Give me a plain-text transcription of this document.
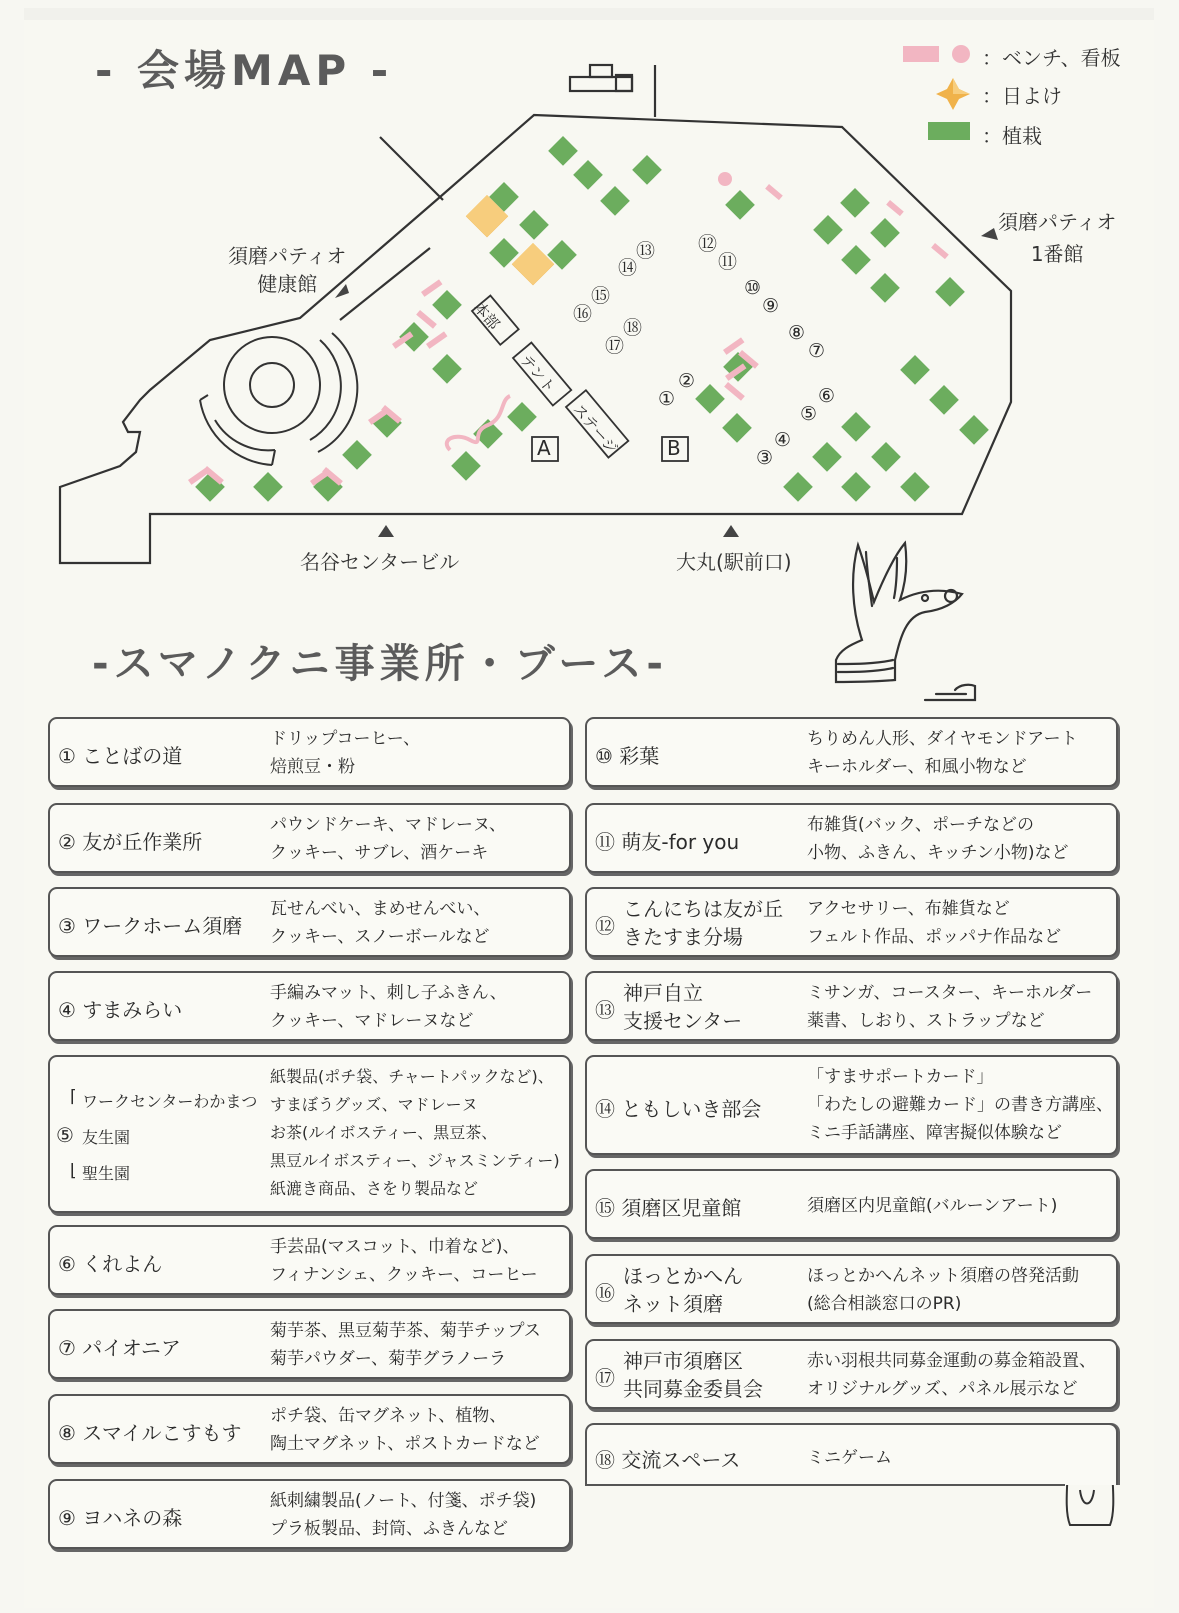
- 会場MAP -	：ベンチ、看板
：日よけ
：植栽
須磨パティオ
健康館
須磨パティオ
1番館
名谷センタービル	大丸(駅前口)
本部
テント
ステージ
A	B
①
②
③
④
⑤
⑥
⑦
⑧
⑨
⑩
⑪
⑫
⑬
⑭
⑮
⑯
⑰
⑱
-スマノクニ事業所・ブース-
① ことばの道
ドリップコーヒー、
焙煎豆・粉
② 友が丘作業所
パウンドケーキ、マドレーヌ、
クッキー、サブレ、酒ケーキ
③ ワークホーム須磨
瓦せんべい、まめせんべい、
クッキー、スノーボールなど
④ すまみらい
手編みマット、刺し子ふきん、
クッキー、マドレーヌなど
⑤
⌈
⌊
ワークセンターわかまつ
友生園
聖生園
紙製品(ポチ袋、チャートパックなど)、
すまぼうグッズ、マドレーヌ
お茶(ルイボスティー、黒豆茶、
黒豆ルイボスティー、ジャスミンティー)
紙漉き商品、さをり製品など
⑥ くれよん
手芸品(マスコット、巾着など)、
フィナンシェ、クッキー、コーヒー
⑦ パイオニア
菊芋茶、黒豆菊芋茶、菊芋チップス
菊芋パウダー、菊芋グラノーラ
⑧ スマイルこすもす
ポチ袋、缶マグネット、植物、
陶土マグネット、ポストカードなど
⑨ ヨハネの森
紙刺繍製品(ノート、付箋、ポチ袋)
プラ板製品、封筒、ふきんなど
⑩ 彩葉
ちりめん人形、ダイヤモンドアート
キーホルダー、和風小物など
⑪ 萌友-for you
布雑貨(バック、ポーチなどの
小物、ふきん、キッチン小物)など
⑫
こんにちは友が丘
きたすま分場
アクセサリー、布雑貨など
フェルト作品、ポッパナ作品など
⑬
神戸自立
支援センター
ミサンガ、コースター、キーホルダー
薬書、しおり、ストラップなど
⑭ ともしいき部会
「すまサポートカード」
「わたしの避難カード」の書き方講座、
ミニ手話講座、障害擬似体験など
⑮ 須磨区児童館	須磨区内児童館(バルーンアート)
⑯
ほっとかへん
ネット須磨
ほっとかへんネット須磨の啓発活動
(総合相談窓口のPR)
⑰
神戸市須磨区
共同募金委員会
赤い羽根共同募金運動の募金箱設置、
オリジナルグッズ、パネル展示など
⑱ 交流スペース	ミニゲーム
